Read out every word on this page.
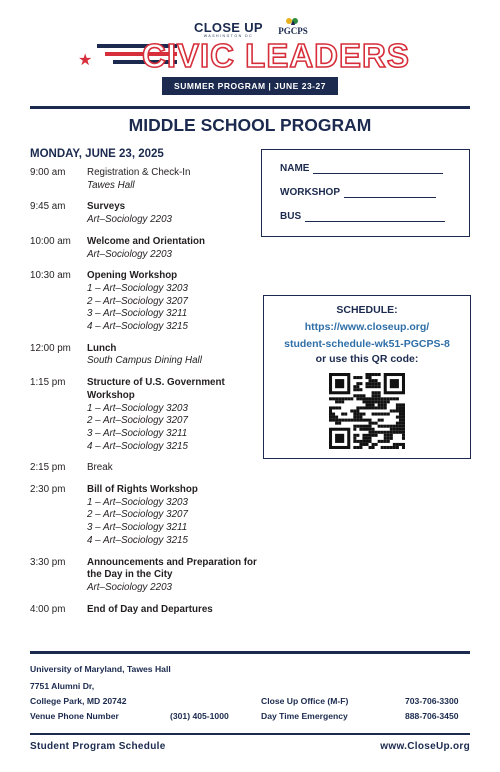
CLOSE UP
WASHINGTON DC	PGCPS
★ CIVIC LEADERS
SUMMER PROGRAM | JUNE 23-27
MIDDLE SCHOOL PROGRAM
MONDAY, JUNE 23, 2025
9:00 am	Registration & Check-In
Tawes Hall
9:45 am	Surveys
Art–Sociology 2203
10:00 am	Welcome and Orientation
Art–Sociology 2203
10:30 am	Opening Workshop
1 – Art–Sociology 3203
2 – Art–Sociology 3207
3 – Art–Sociology 3211
4 – Art–Sociology 3215
12:00 pm	Lunch
South Campus Dining Hall
1:15 pm	Structure of U.S. Government Workshop
1 – Art–Sociology 3203
2 – Art–Sociology 3207
3 – Art–Sociology 3211
4 – Art–Sociology 3215
2:15 pm	Break
2:30 pm	Bill of Rights Workshop
1 – Art–Sociology 3203
2 – Art–Sociology 3207
3 – Art–Sociology 3211
4 – Art–Sociology 3215
3:30 pm	Announcements and Preparation for the Day in the City
Art–Sociology 2203
4:00 pm	End of Day and Departures
NAME
WORKSHOP
BUS
SCHEDULE:
https://www.closeup.org/
student-schedule-wk51-PGCPS-8
or use this QR code:
University of Maryland, Tawes Hall
7751 Alumni Dr,
College Park, MD 20742
Venue Phone Number	(301) 405-1000
Close Up Office (M-F)	703-706-3300
Day Time Emergency	888-706-3450
Student Program Schedule	www.CloseUp.org
